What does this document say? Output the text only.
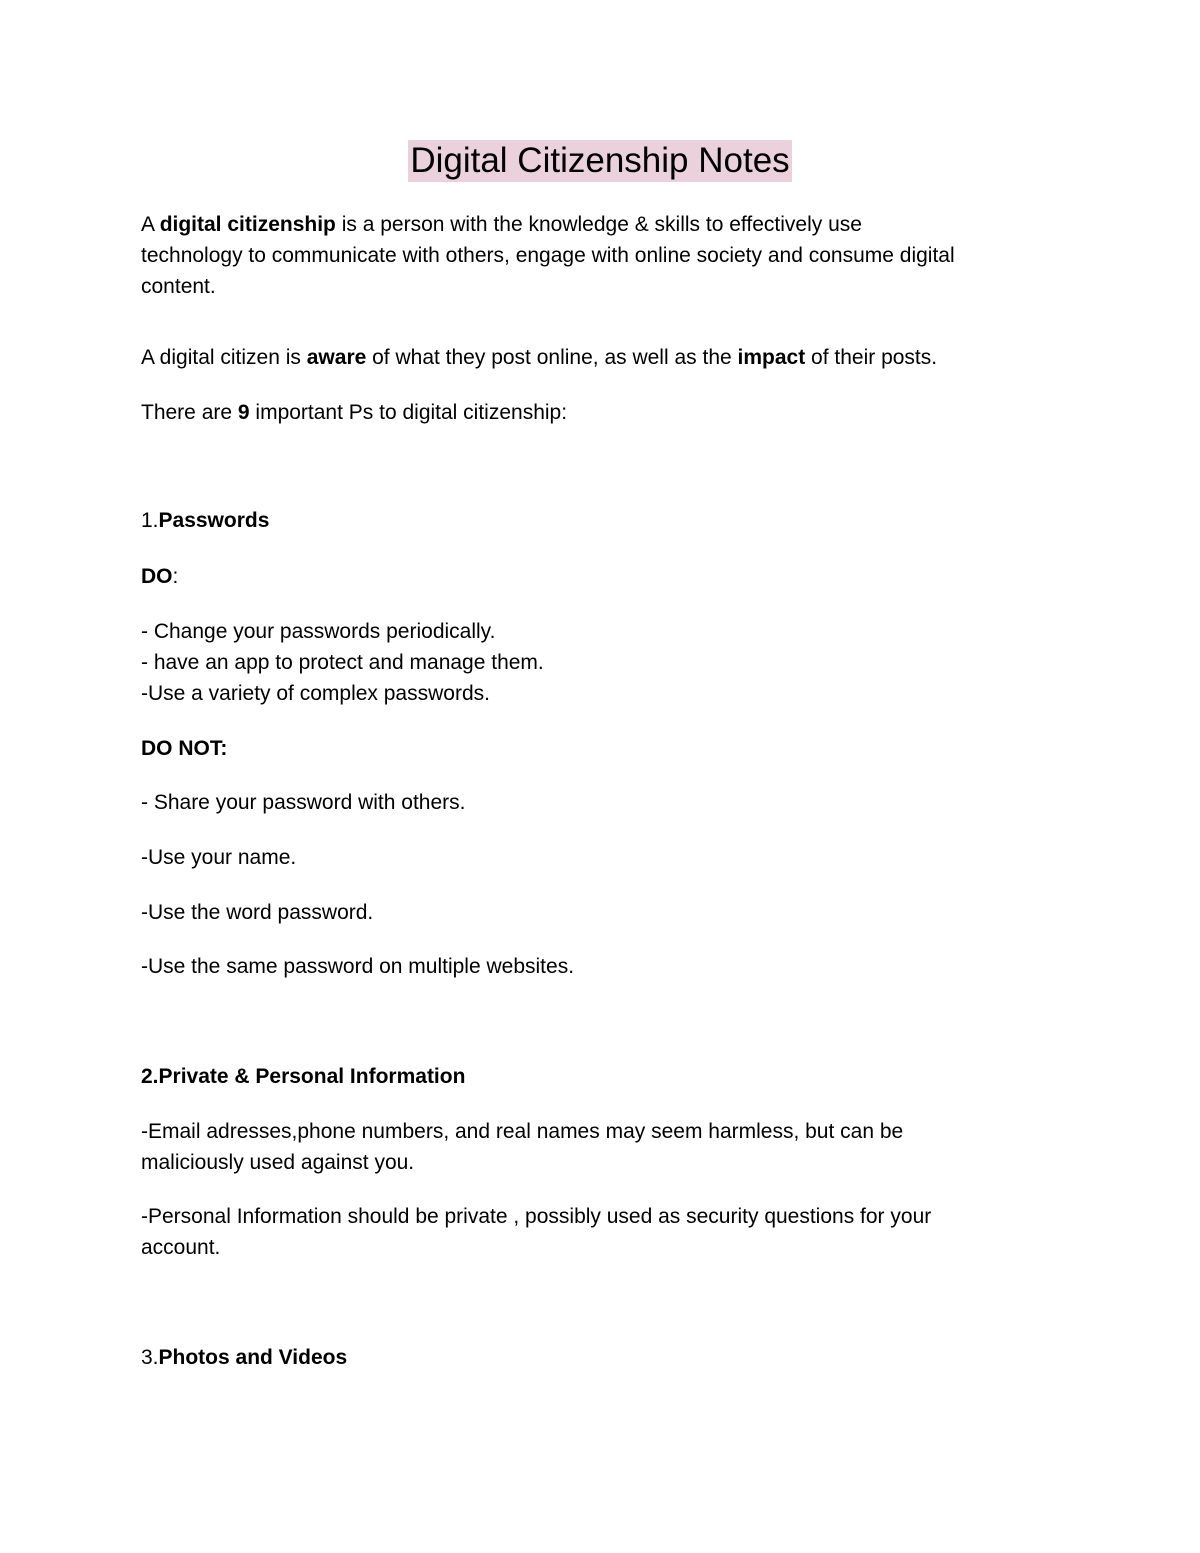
Digital Citizenship Notes

A digital citizenship is a person with the knowledge & skills to effectively use

technology to communicate with others, engage with online society and consume digital

content.

A digital citizen is aware of what they post online, as well as the impact of their posts.

There are 9 important Ps to digital citizenship:

1.Passwords

DO:

- Change your passwords periodically.

- have an app to protect and manage them.

-Use a variety of complex passwords.

DO NOT:

- Share your password with others.

-Use your name.

-Use the word password.

-Use the same password on multiple websites.

2.Private & Personal Information

-Email adresses,phone numbers, and real names may seem harmless, but can be

maliciously used against you.

-Personal Information should be private , possibly used as security questions for your

account.

3.Photos and Videos
